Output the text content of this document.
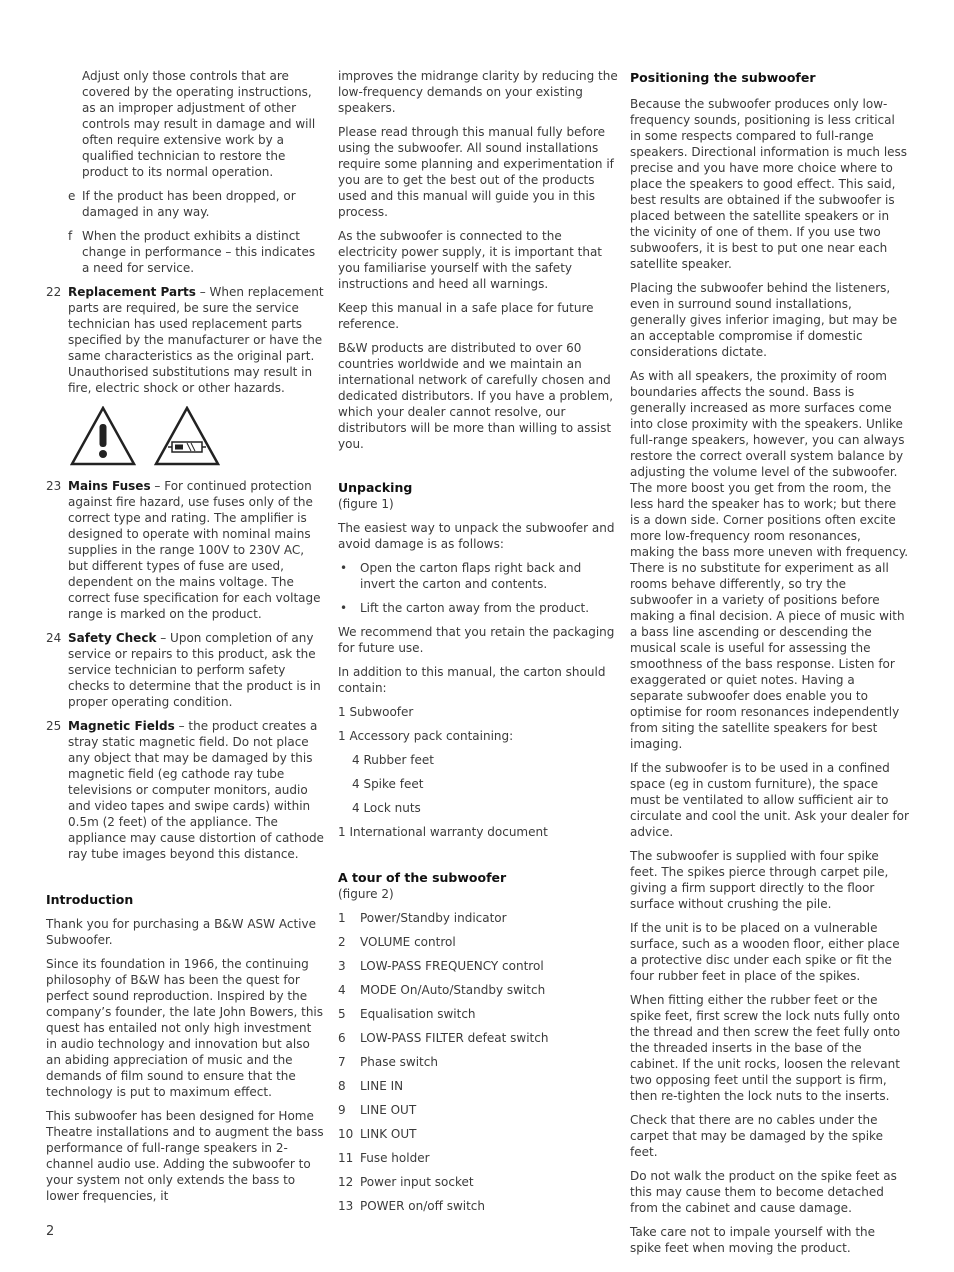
Adjust only those controls that are covered by the operating instructions, as an improper adjustment of other controls may result in damage and will often require extensive work by a qualified technician to restore the product to its normal operation.

e If the product has been dropped, or damaged in any way.
f When the product exhibits a distinct change in performance – this indicates a need for service.
22 Replacement Parts – When replacement parts are required, be sure the service technician has used replacement parts specified by the manufacturer or have the same characteristics as the original part. Unauthorised substitutions may result in fire, electric shock or other hazards.
23 Mains Fuses – For continued protection against fire hazard, use fuses only of the correct type and rating. The amplifier is designed to operate with nominal mains supplies in the range 100V to 230V AC, but different types of fuse are used, dependent on the mains voltage. The correct fuse specification for each voltage range is marked on the product.
24 Safety Check – Upon completion of any service or repairs to this product, ask the service technician to perform safety checks to determine that the product is in proper operating condition.
25 Magnetic Fields – the product creates a stray static magnetic field. Do not place any object that may be damaged by this magnetic field (eg cathode ray tube televisions or computer monitors, audio and video tapes and swipe cards) within 0.5m (2 feet) of the appliance. The appliance may cause distortion of cathode ray tube images beyond this distance.
Introduction

Thank you for purchasing a B&W ASW Active Subwoofer.

Since its foundation in 1966, the continuing philosophy of B&W has been the quest for perfect sound reproduction. Inspired by the company’s founder, the late John Bowers, this quest has entailed not only high investment in audio technology and innovation but also an abiding appreciation of music and the demands of film sound to ensure that the technology is put to maximum effect.

This subwoofer has been designed for Home Theatre installations and to augment the bass performance of full-range speakers in 2-channel audio use. Adding the subwoofer to your system not only extends the bass to lower frequencies, it

improves the midrange clarity by reducing the low-frequency demands on your existing speakers.

Please read through this manual fully before using the subwoofer. All sound installations require some planning and experimentation if you are to get the best out of the products used and this manual will guide you in this process.

As the subwoofer is connected to the electricity power supply, it is important that you familiarise yourself with the safety instructions and heed all warnings.

Keep this manual in a safe place for future reference.

B&W products are distributed to over 60 countries worldwide and we maintain an international network of carefully chosen and dedicated distributors. If you have a problem, which your dealer cannot resolve, our distributors will be more than willing to assist you.

Unpacking

(figure 1)

The easiest way to unpack the subwoofer and avoid damage is as follows:

• Open the carton flaps right back and invert the carton and contents.
• Lift the carton away from the product.

We recommend that you retain the packaging for future use.

In addition to this manual, the carton should contain:

1 Subwoofer

1 Accessory pack containing:

4 Rubber feet

4 Spike feet

4 Lock nuts

1 International warranty document

A tour of the subwoofer

(figure 2)

1 Power/Standby indicator
2 VOLUME control
3 LOW-PASS FREQUENCY control
4 MODE On/Auto/Standby switch
5 Equalisation switch
6 LOW-PASS FILTER defeat switch
7 Phase switch
8 LINE IN
9 LINE OUT
10 LINK OUT
11 Fuse holder
12 Power input socket
13 POWER on/off switch
Positioning the subwoofer

Because the subwoofer produces only low-frequency sounds, positioning is less critical in some respects compared to full-range speakers. Directional information is much less precise and you have more choice where to place the speakers to good effect. This said, best results are obtained if the subwoofer is placed between the satellite speakers or in the vicinity of one of them. If you use two subwoofers, it is best to put one near each satellite speaker.

Placing the subwoofer behind the listeners, even in surround sound installations, generally gives inferior imaging, but may be an acceptable compromise if domestic considerations dictate.

As with all speakers, the proximity of room boundaries affects the sound. Bass is generally increased as more surfaces come into close proximity with the speakers. Unlike full-range speakers, however, you can always restore the correct overall system balance by adjusting the volume level of the subwoofer. The more boost you get from the room, the less hard the speaker has to work; but there is a down side. Corner positions often excite more low-frequency room resonances, making the bass more uneven with frequency. There is no substitute for experiment as all rooms behave differently, so try the subwoofer in a variety of positions before making a final decision. A piece of music with a bass line ascending or descending the musical scale is useful for assessing the smoothness of the bass response. Listen for exaggerated or quiet notes. Having a separate subwoofer does enable you to optimise for room resonances independently from siting the satellite speakers for best imaging.

If the subwoofer is to be used in a confined space (eg in custom furniture), the space must be ventilated to allow sufficient air to circulate and cool the unit. Ask your dealer for advice.

The subwoofer is supplied with four spike feet. The spikes pierce through carpet pile, giving a firm support directly to the floor surface without crushing the pile.

If the unit is to be placed on a vulnerable surface, such as a wooden floor, either place a protective disc under each spike or fit the four rubber feet in place of the spikes.

When fitting either the rubber feet or the spike feet, first screw the lock nuts fully onto the thread and then screw the feet fully onto the threaded inserts in the base of the cabinet. If the unit rocks, loosen the relevant two opposing feet until the support is firm, then re-tighten the lock nuts to the inserts.

Check that there are no cables under the carpet that may be damaged by the spike feet.

Do not walk the product on the spike feet as this may cause them to become detached from the cabinet and cause damage.

Take care not to impale yourself with the spike feet when moving the product.

2
